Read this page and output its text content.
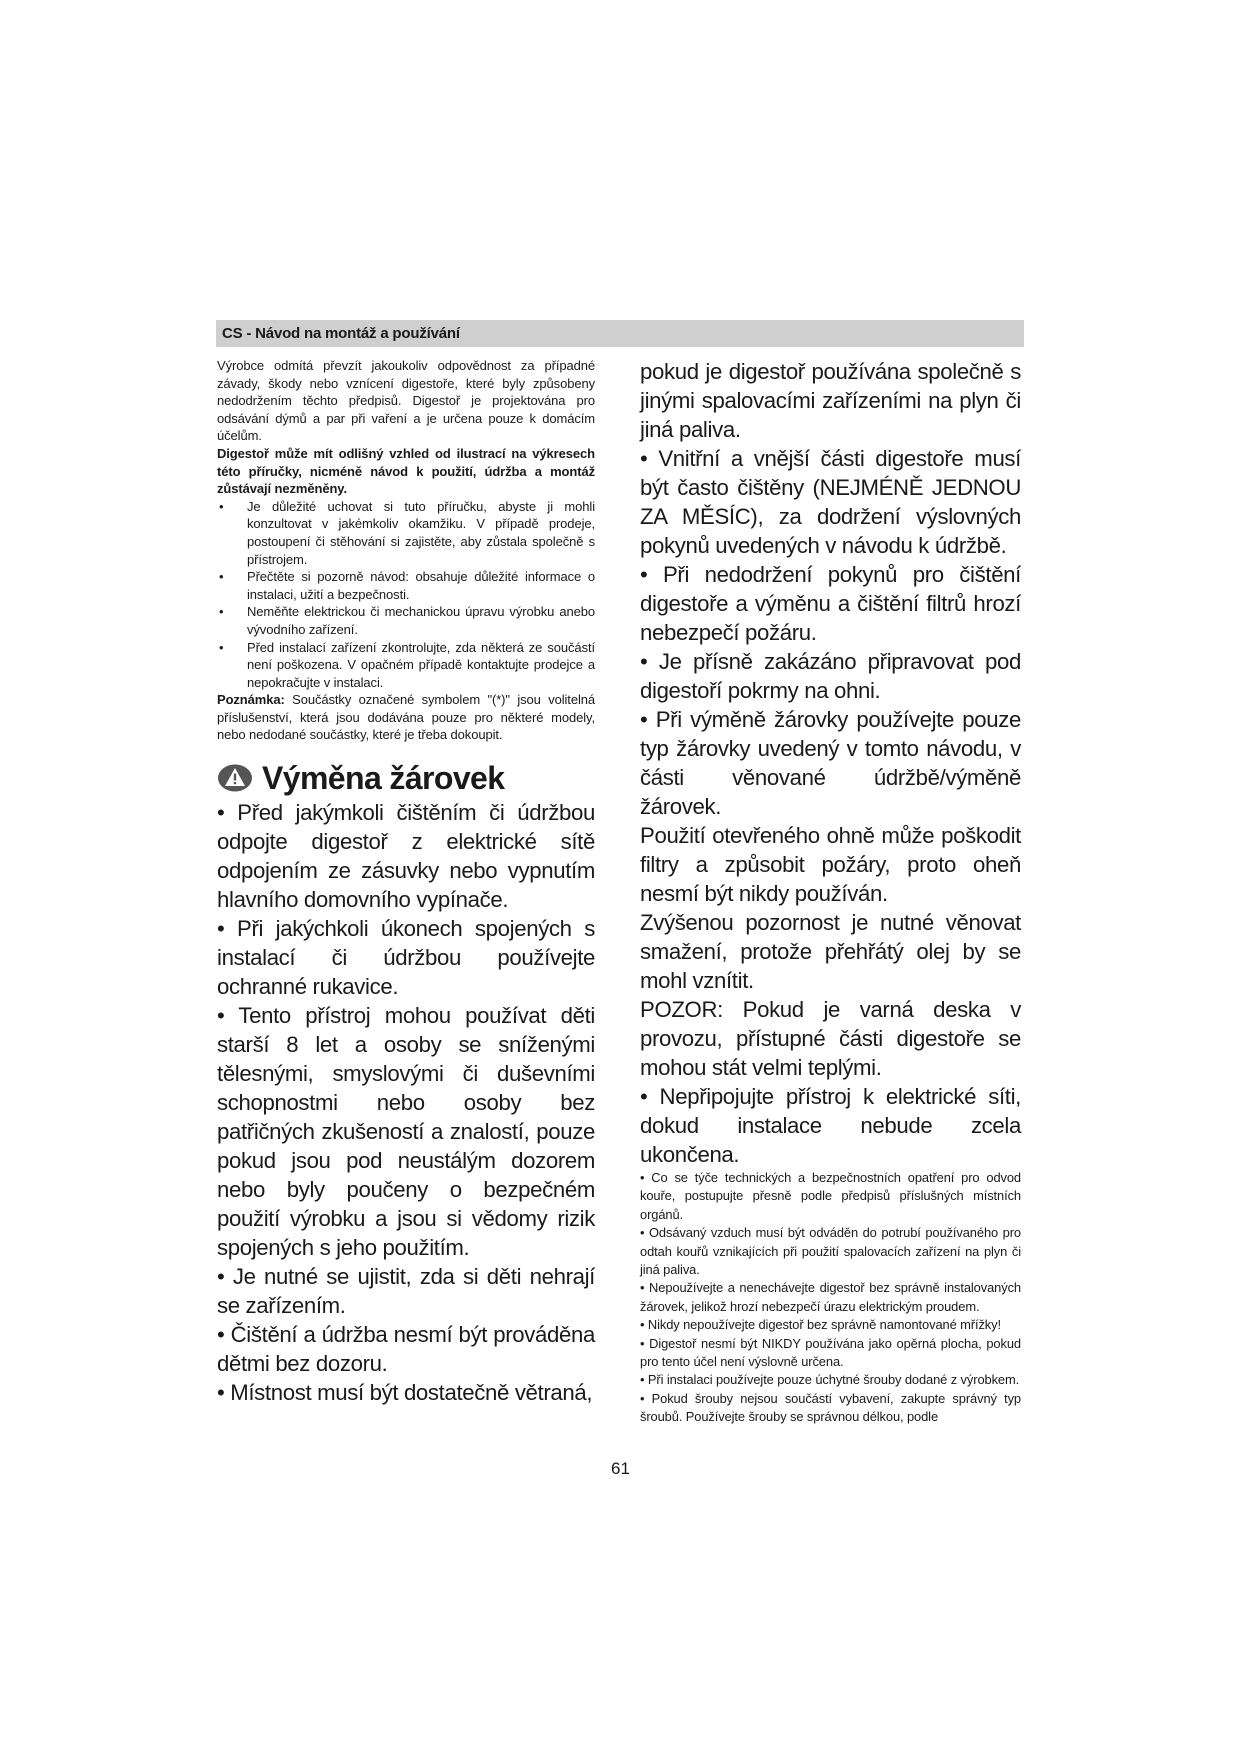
CS - Návod na montáž a používání

Výrobce odmítá převzít jakoukoliv odpovědnost za případné závady, škody nebo vznícení digestoře, které byly způsobeny nedodržením těchto předpisů. Digestoř je projektována pro odsávání dýmů a par při vaření a je určena pouze k domácím účelům.

Digestoř může mít odlišný vzhled od ilustrací na výkresech této příručky, nicméně návod k použití, údržba a montáž zůstávají nezměněny.

• Je důležité uchovat si tuto příručku, abyste ji mohli konzultovat v jakémkoliv okamžiku. V případě prodeje, postoupení či stěhování si zajistěte, aby zůstala společně s přístrojem.
• Přečtěte si pozorně návod: obsahuje důležité informace o instalaci, užití a bezpečnosti.
• Neměňte elektrickou či mechanickou úpravu výrobku anebo vývodního zařízení.
• Před instalací zařízení zkontrolujte, zda některá ze součástí není poškozena. V opačném případě kontaktujte prodejce a nepokračujte v instalaci.

Poznámka: Součástky označené symbolem "(*)" jsou volitelná příslušenství, která jsou dodávána pouze pro některé modely, nebo nedodané součástky, které je třeba dokoupit.

Výměna žárovek

• Před jakýmkoli čištěním či údržbou odpojte digestoř z elektrické sítě odpojením ze zásuvky nebo vypnutím hlavního domovního vypínače.

• Při jakýchkoli úkonech spojených s instalací či údržbou používejte ochranné rukavice.

• Tento přístroj mohou používat děti starší 8 let a osoby se sníženými tělesnými, smyslovými či duševními schopnostmi nebo osoby bez patřičných zkušeností a znalostí, pouze pokud jsou pod neustálým dozorem nebo byly poučeny o bezpečném použití výrobku a jsou si vědomy rizik spojených s jeho použitím.

• Je nutné se ujistit, zda si děti nehrají se zařízením.

• Čištění a údržba nesmí být prováděna dětmi bez dozoru.

• Místnost musí být dostatečně větraná,

pokud je digestoř používána společně s jinými spalovacími zařízeními na plyn či jiná paliva.

• Vnitřní a vnější části digestoře musí být často čištěny (NEJMÉNĚ JEDNOU ZA MĚSÍC), za dodržení výslovných pokynů uvedených v návodu k údržbě.

• Při nedodržení pokynů pro čištění digestoře a výměnu a čištění filtrů hrozí nebezpečí požáru.

• Je přísně zakázáno připravovat pod digestoří pokrmy na ohni.

• Při výměně žárovky používejte pouze typ žárovky uvedený v tomto návodu, v části věnované údržbě/výměně žárovek.

Použití otevřeného ohně může poškodit filtry a způsobit požáry, proto oheň nesmí být nikdy používán.

Zvýšenou pozornost je nutné věnovat smažení, protože přehřátý olej by se mohl vznítit.

POZOR: Pokud je varná deska v provozu, přístupné části digestoře se mohou stát velmi teplými.

• Nepřipojujte přístroj k elektrické síti, dokud instalace nebude zcela ukončena.

• Co se týče technických a bezpečnostních opatření pro odvod kouře, postupujte přesně podle předpisů příslušných místních orgánů.

• Odsávaný vzduch musí být odváděn do potrubí používaného pro odtah kouřů vznikajících při použití spalovacích zařízení na plyn či jiná paliva.

• Nepoužívejte a nenechávejte digestoř bez správně instalovaných žárovek, jelikož hrozí nebezpečí úrazu elektrickým proudem.

• Nikdy nepoužívejte digestoř bez správně namontované mřížky!

• Digestoř nesmí být NIKDY používána jako opěrná plocha, pokud pro tento účel není výslovně určena.

• Při instalaci používejte pouze úchytné šrouby dodané z výrobkem.

• Pokud šrouby nejsou součástí vybavení, zakupte správný typ šroubů. Používejte šrouby se správnou délkou, podle

61
